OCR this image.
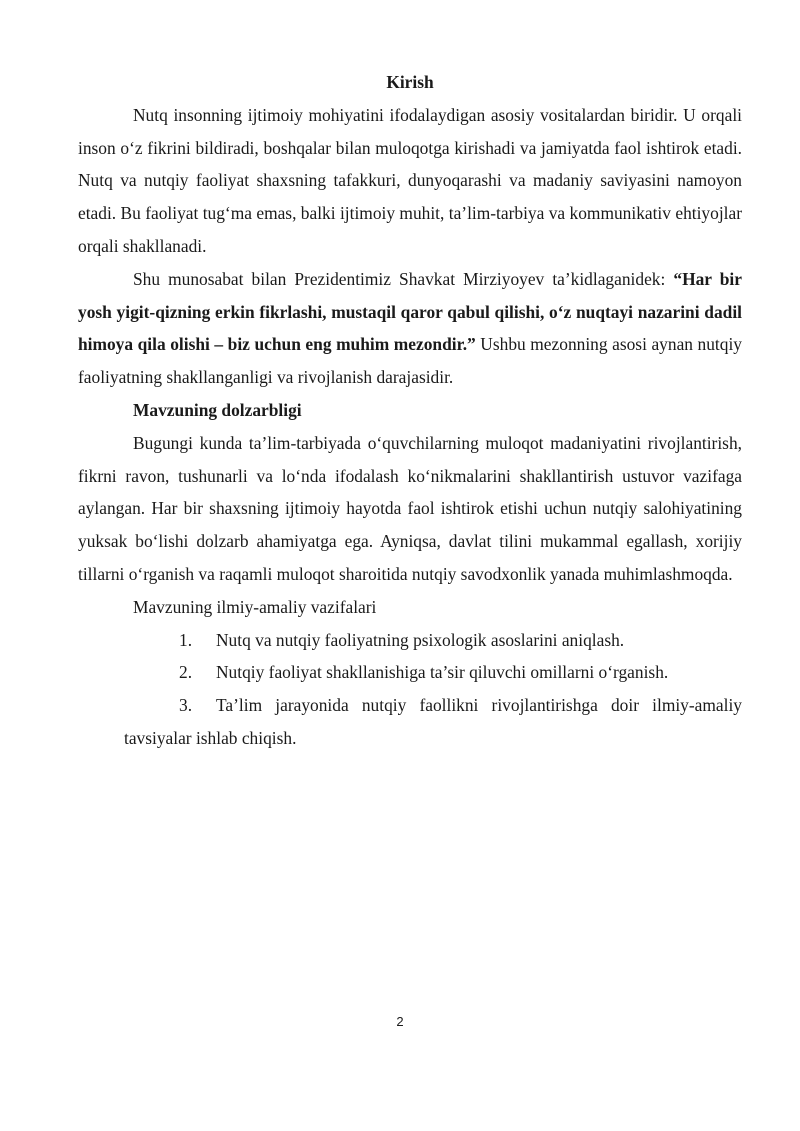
Kirish

Nutq insonning ijtimoiy mohiyatini ifodalaydigan asosiy vositalardan biridir. U orqali inson o‘z fikrini bildiradi, boshqalar bilan muloqotga kirishadi va jamiyatda faol ishtirok etadi. Nutq va nutqiy faoliyat shaxsning tafakkuri, dunyoqarashi va madaniy saviyasini namoyon etadi. Bu faoliyat tug‘ma emas, balki ijtimoiy muhit, ta’lim-tarbiya va kommunikativ ehtiyojlar orqali shakllanadi.

Shu munosabat bilan Prezidentimiz Shavkat Mirziyoyev ta’kidlaganidek: “Har bir yosh yigit-qizning erkin fikrlashi, mustaqil qaror qabul qilishi, o‘z nuqtayi nazarini dadil himoya qila olishi – biz uchun eng muhim mezondir.” Ushbu mezonning asosi aynan nutqiy faoliyatning shakllanganligi va rivojlanish darajasidir.

Mavzuning dolzarbligi

Bugungi kunda ta’lim-tarbiyada o‘quvchilarning muloqot madaniyatini rivojlantirish, fikrni ravon, tushunarli va lo‘nda ifodalash ko‘nikmalarini shakllantirish ustuvor vazifaga aylangan. Har bir shaxsning ijtimoiy hayotda faol ishtirok etishi uchun nutqiy salohiyatining yuksak bo‘lishi dolzarb ahamiyatga ega. Ayniqsa, davlat tilini mukammal egallash, xorijiy tillarni o‘rganish va raqamli muloqot sharoitida nutqiy savodxonlik yanada muhimlashmoqda.

Mavzuning ilmiy-amaliy vazifalari

1. Nutq va nutqiy faoliyatning psixologik asoslarini aniqlash.
2. Nutqiy faoliyat shakllanishiga ta’sir qiluvchi omillarni o‘rganish.
3. Ta’lim jarayonida nutqiy faollikni rivojlantirishga doir ilmiy-amaliy tavsiyalar ishlab chiqish.
2
